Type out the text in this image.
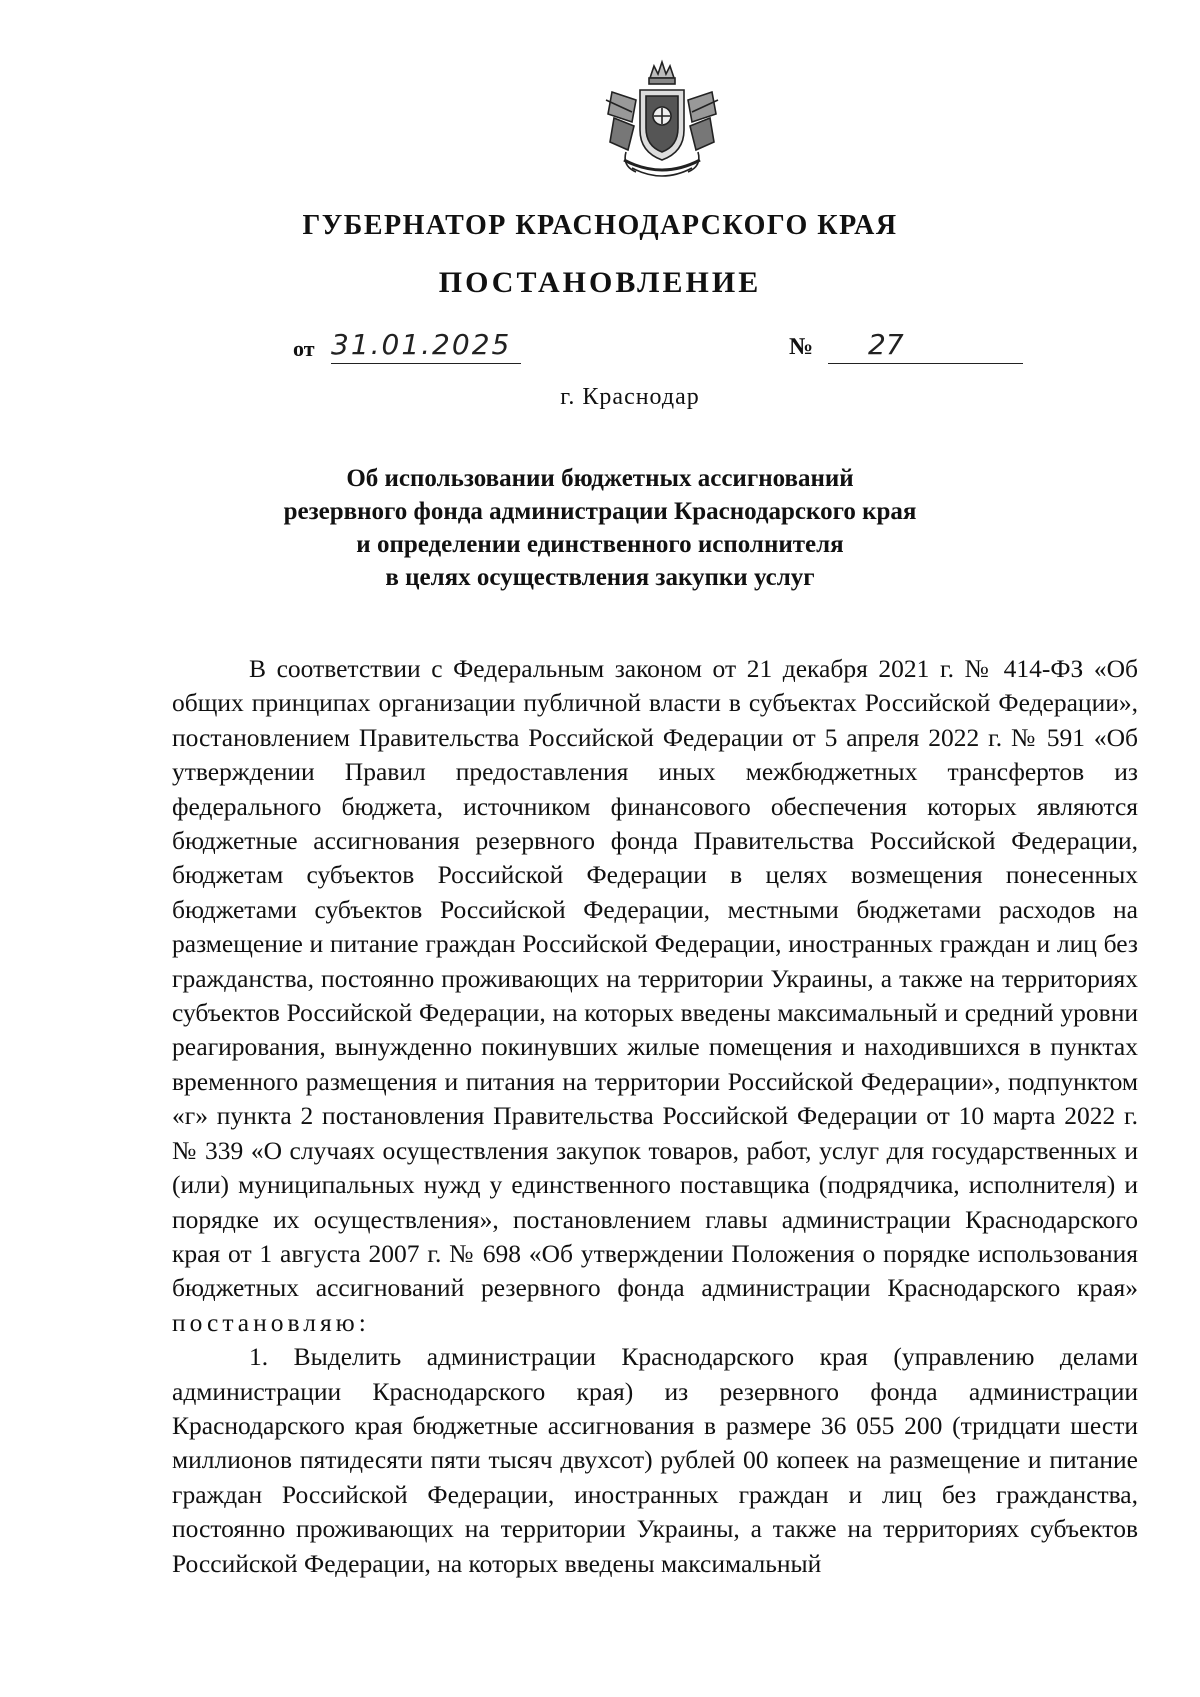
ГУБЕРНАТОР КРАСНОДАРСКОГО КРАЯ
ПОСТАНОВЛЕНИЕ
от 31.01.2025	№	27
г. Краснодар
Об использовании бюджетных ассигнований
резервного фонда администрации Краснодарского края
и определении единственного исполнителя
в целях осуществления закупки услуг

В соответствии с Федеральным законом от 21 декабря 2021 г. № 414-ФЗ «Об общих принципах организации публичной власти в субъектах Российской Федерации», постановлением Правительства Российской Федерации от 5 апреля 2022 г. № 591 «Об утверждении Правил предоставления иных межбюджетных трансфертов из федерального бюджета, источником финансового обеспечения которых являются бюджетные ассигнования резервного фонда Правительства Российской Федерации, бюджетам субъектов Российской Федерации в целях возмещения понесенных бюджетами субъектов Российской Федерации, местными бюджетами расходов на размещение и питание граждан Российской Федерации, иностранных граждан и лиц без гражданства, постоянно проживающих на территории Украины, а также на территориях субъектов Российской Федерации, на которых введены максимальный и средний уровни реагирования, вынужденно покинувших жилые помещения и находившихся в пунктах временного размещения и питания на территории Российской Федерации», подпунктом «г» пункта 2 постановления Правительства Российской Федерации от 10 марта 2022 г. № 339 «О случаях осуществления закупок товаров, работ, услуг для государственных и (или) муниципальных нужд у единственного поставщика (подрядчика, исполнителя) и порядке их осуществления», постановлением главы администрации Краснодарского края от 1 августа 2007 г. № 698 «Об утверждении Положения о порядке использования бюджетных ассигнований резервного фонда администрации Краснодарского края» постановляю:

1. Выделить администрации Краснодарского края (управлению делами администрации Краснодарского края) из резервного фонда администрации Краснодарского края бюджетные ассигнования в размере 36 055 200 (тридцати шести миллионов пятидесяти пяти тысяч двухсот) рублей 00 копеек на размещение и питание граждан Российской Федерации, иностранных граждан и лиц без гражданства, постоянно проживающих на территории Украины, а также на территориях субъектов Российской Федерации, на которых введены максимальный
